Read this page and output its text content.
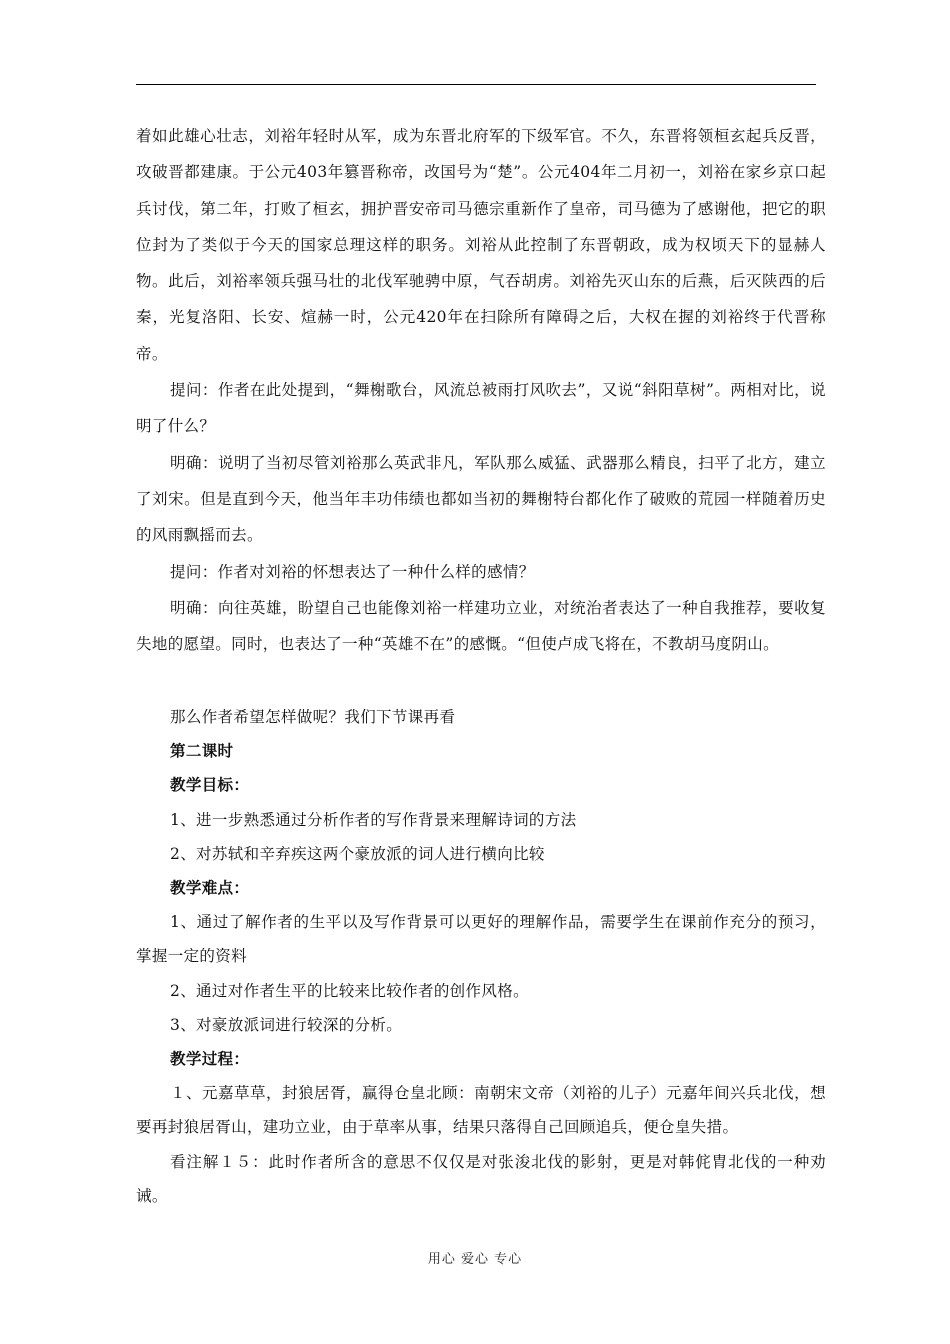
着如此雄心壮志，刘裕年轻时从军，成为东晋北府军的下级军官。不久，东晋将领桓玄起兵反晋，攻破晋都建康。于公元403年篡晋称帝，改国号为“楚”。公元404年二月初一，刘裕在家乡京口起兵讨伐，第二年，打败了桓玄，拥护晋安帝司马德宗重新作了皇帝，司马德为了感谢他，把它的职位封为了类似于今天的国家总理这样的职务。刘裕从此控制了东晋朝政，成为权顷天下的显赫人物。此后，刘裕率领兵强马壮的北伐军驰骋中原，气吞胡虏。刘裕先灭山东的后燕，后灭陕西的后秦，光复洛阳、长安、煊赫一时，公元420年在扫除所有障碍之后，大权在握的刘裕终于代晋称帝。

提问：作者在此处提到，“舞榭歌台，风流总被雨打风吹去”，又说“斜阳草树”。两相对比，说明了什么？

明确：说明了当初尽管刘裕那么英武非凡，军队那么威猛、武器那么精良，扫平了北方，建立了刘宋。但是直到今天，他当年丰功伟绩也都如当初的舞榭特台都化作了破败的荒园一样随着历史的风雨飘摇而去。

提问：作者对刘裕的怀想表达了一种什么样的感情？

明确：向往英雄，盼望自己也能像刘裕一样建功立业，对统治者表达了一种自我推荐，要收复失地的愿望。同时，也表达了一种“英雄不在”的感慨。“但使卢成飞将在，不教胡马度阴山。

那么作者希望怎样做呢？我们下节课再看

第二课时

教学目标：

1、进一步熟悉通过分析作者的写作背景来理解诗词的方法

2、对苏轼和辛弃疾这两个豪放派的词人进行横向比较

教学难点：

1、通过了解作者的生平以及写作背景可以更好的理解作品，需要学生在课前作充分的预习，掌握一定的资料

2、通过对作者生平的比较来比较作者的创作风格。

3、对豪放派词进行较深的分析。

教学过程：

１、元嘉草草，封狼居胥，赢得仓皇北顾：南朝宋文帝（刘裕的儿子）元嘉年间兴兵北伐，想要再封狼居胥山，建功立业，由于草率从事，结果只落得自己回顾追兵，便仓皇失措。

看注解１５：此时作者所含的意思不仅仅是对张浚北伐的影射，更是对韩侂胄北伐的一种劝诫。

用心 爱心 专心
